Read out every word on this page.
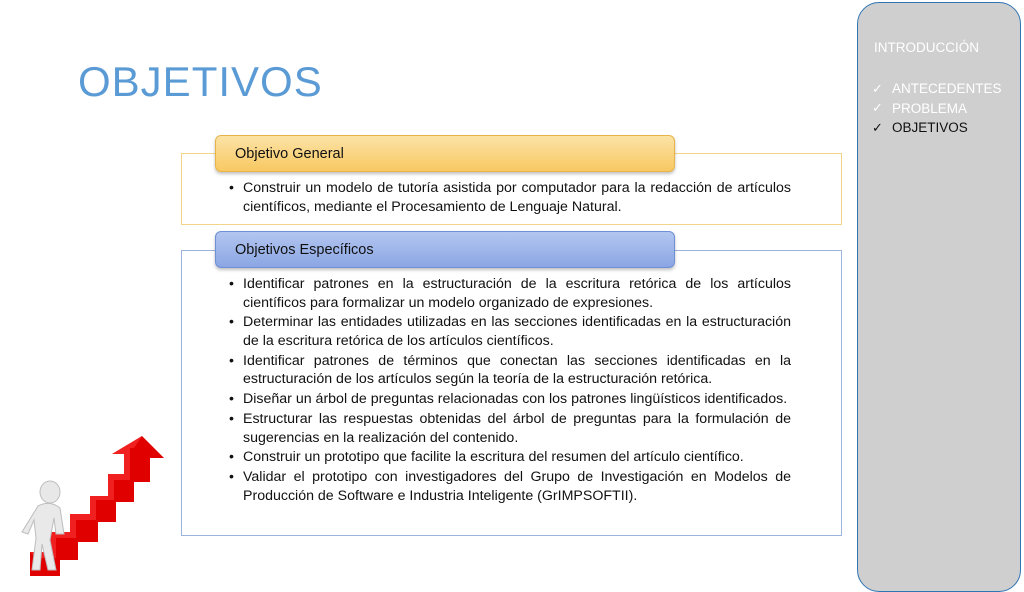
OBJETIVOS
INTRODUCCIÓN
✓ ANTECEDENTES
✓ PROBLEMA
✓ OBJETIVOS
Objetivo General
• Construir un modelo de tutoría asistida por computador para la redacción de artículos científicos, mediante el Procesamiento de Lenguaje Natural.
Objetivos Específicos
• Identificar patrones en la estructuración de la escritura retórica de los artículos científicos para formalizar un modelo organizado de expresiones.
• Determinar las entidades utilizadas en las secciones identificadas en la estructuración de la escritura retórica de los artículos científicos.
• Identificar patrones de términos que conectan las secciones identificadas en la estructuración de los artículos según la teoría de la estructuración retórica.
• Diseñar un árbol de preguntas relacionadas con los patrones lingüísticos identificados.
• Estructurar las respuestas obtenidas del árbol de preguntas para la formulación de sugerencias en la realización del contenido.
• Construir un prototipo que facilite la escritura del resumen del artículo científico.
• Validar el prototipo con investigadores del Grupo de Investigación en Modelos de Producción de Software e Industria Inteligente (GrIMPSOFTII).
